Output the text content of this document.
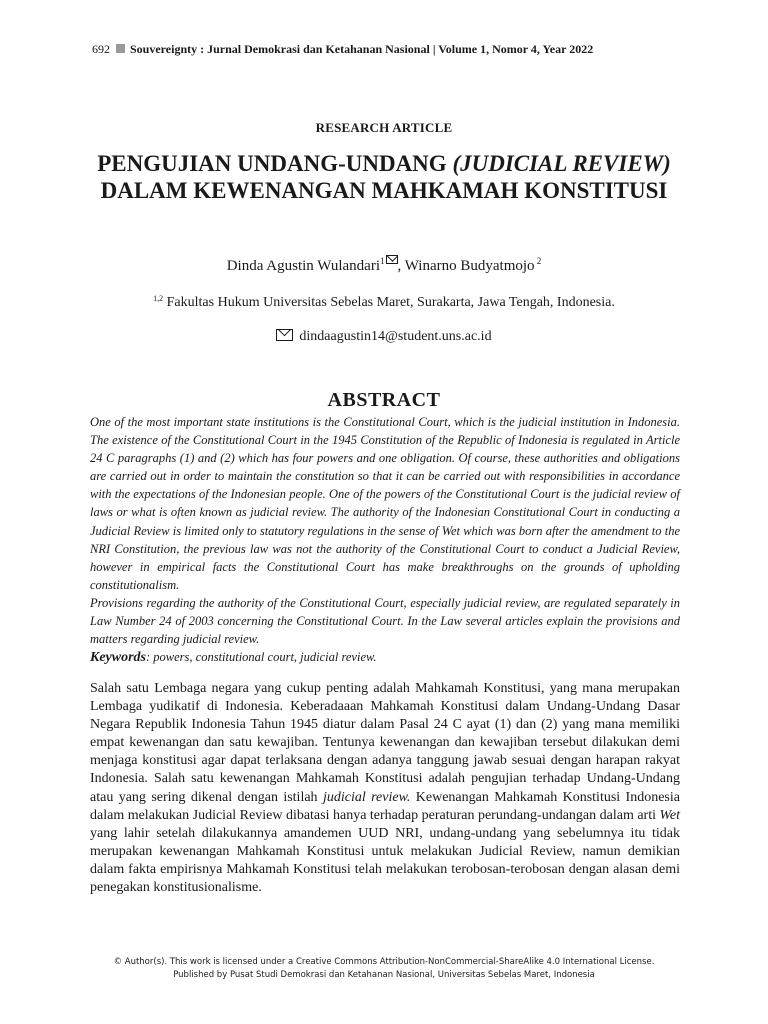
692 Souvereignty : Jurnal Demokrasi dan Ketahanan Nasional | Volume 1, Nomor 4, Year 2022
RESEARCH ARTICLE
PENGUJIAN UNDANG-UNDANG (JUDICIAL REVIEW) DALAM KEWENANGAN MAHKAMAH KONSTITUSI
Dinda Agustin Wulandari$^1$ , Winarno Budyatmojo $^2$
$^{1,2}$ Fakultas Hukum Universitas Sebelas Maret, Surakarta, Jawa Tengah, Indonesia.
dindaagustin14@student.uns.ac.id
ABSTRACT

One of the most important state institutions is the Constitutional Court, which is the judicial institution in Indonesia. The existence of the Constitutional Court in the 1945 Constitution of the Republic of Indonesia is regulated in Article 24 C paragraphs (1) and (2) which has four powers and one obligation. Of course, these authorities and obligations are carried out in order to maintain the constitution so that it can be carried out with responsibilities in accordance with the expectations of the Indonesian people. One of the powers of the Constitutional Court is the judicial review of laws or what is often known as judicial review. The authority of the Indonesian Constitutional Court in conducting a Judicial Review is limited only to statutory regulations in the sense of Wet which was born after the amendment to the NRI Constitution, the previous law was not the authority of the Constitutional Court to conduct a Judicial Review, however in empirical facts the Constitutional Court has make breakthroughs on the grounds of upholding constitutionalism.

Provisions regarding the authority of the Constitutional Court, especially judicial review, are regulated separately in Law Number 24 of 2003 concerning the Constitutional Court. In the Law several articles explain the provisions and matters regarding judicial review.

Keywords: powers, constitutional court, judicial review.

Salah satu Lembaga negara yang cukup penting adalah Mahkamah Konstitusi, yang mana merupakan Lembaga yudikatif di Indonesia. Keberadaaan Mahkamah Konstitusi dalam Undang-Undang Dasar Negara Republik Indonesia Tahun 1945 diatur dalam Pasal 24 C ayat (1) dan (2) yang mana memiliki empat kewenangan dan satu kewajiban. Tentunya kewenangan dan kewajiban tersebut dilakukan demi menjaga konstitusi agar dapat terlaksana dengan adanya tanggung jawab sesuai dengan harapan rakyat Indonesia. Salah satu kewenangan Mahkamah Konstitusi adalah pengujian terhadap Undang-Undang atau yang sering dikenal dengan istilah judicial review. Kewenangan Mahkamah Konstitusi Indonesia dalam melakukan Judicial Review dibatasi hanya terhadap peraturan perundang-undangan dalam arti Wet yang lahir setelah dilakukannya amandemen UUD NRI, undang-undang yang sebelumnya itu tidak merupakan kewenangan Mahkamah Konstitusi untuk melakukan Judicial Review, namun demikian dalam fakta empirisnya Mahkamah Konstitusi telah melakukan terobosan-terobosan dengan alasan demi penegakan konstitusionalisme.

© Author(s). This work is licensed under a Creative Commons Attribution-NonCommercial-ShareAlike 4.0 International License.
Published by Pusat Studi Demokrasi dan Ketahanan Nasional, Universitas Sebelas Maret, Indonesia
